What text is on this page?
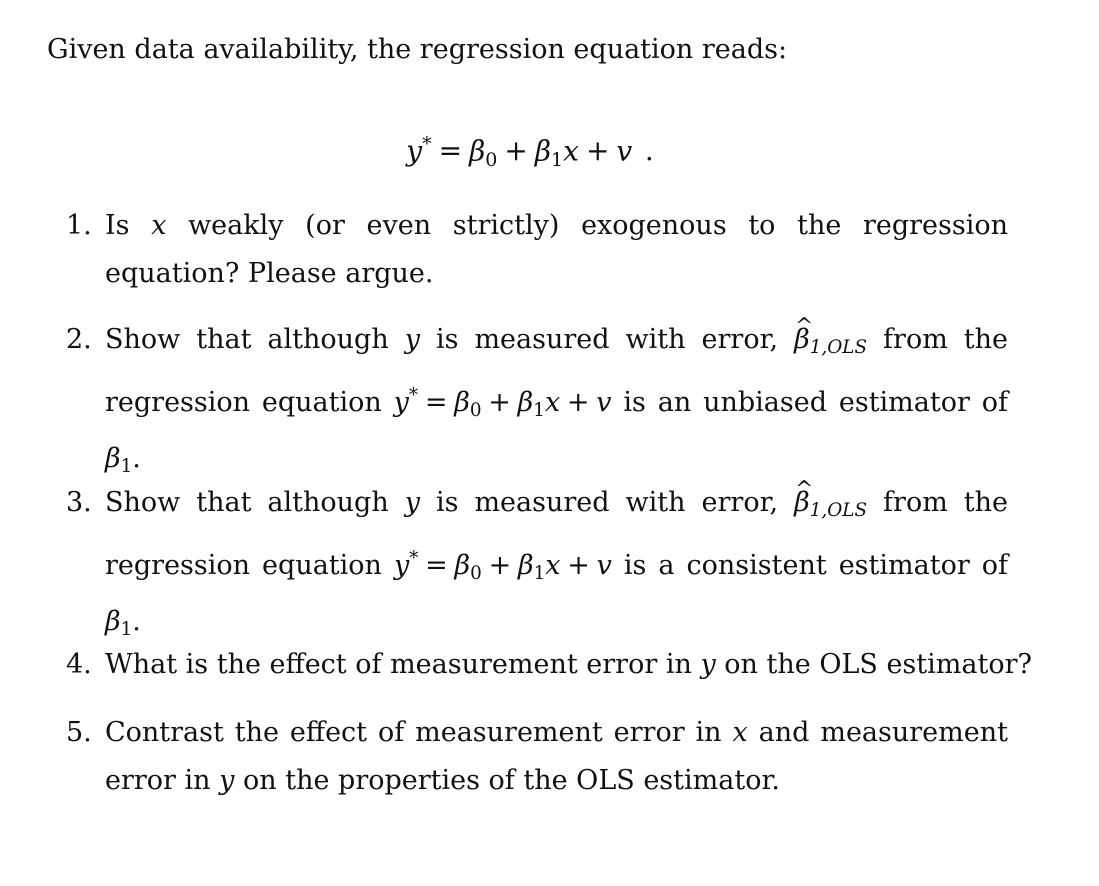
Given data availability, the regression equation reads:
$y^* = \beta_0 + \beta_1x + v$ .
1. Is x weakly (or even strictly) exogenous to the regression equation? Please argue.
2. Show that although y is measured with error, ^ β1,OLS from the regression equation $y^* = \beta_0 + \beta_1x + v$ is an unbiased estimator of $\beta_1$.
3. Show that although y is measured with error, ^ β1,OLS from the regression equation $y^* = \beta_0 + \beta_1x + v$ is a consistent estimator of $\beta_1$.
4. What is the effect of measurement error in y on the OLS estimator?
5. Contrast the effect of measurement error in x and measurement error in y on the properties of the OLS estimator.
